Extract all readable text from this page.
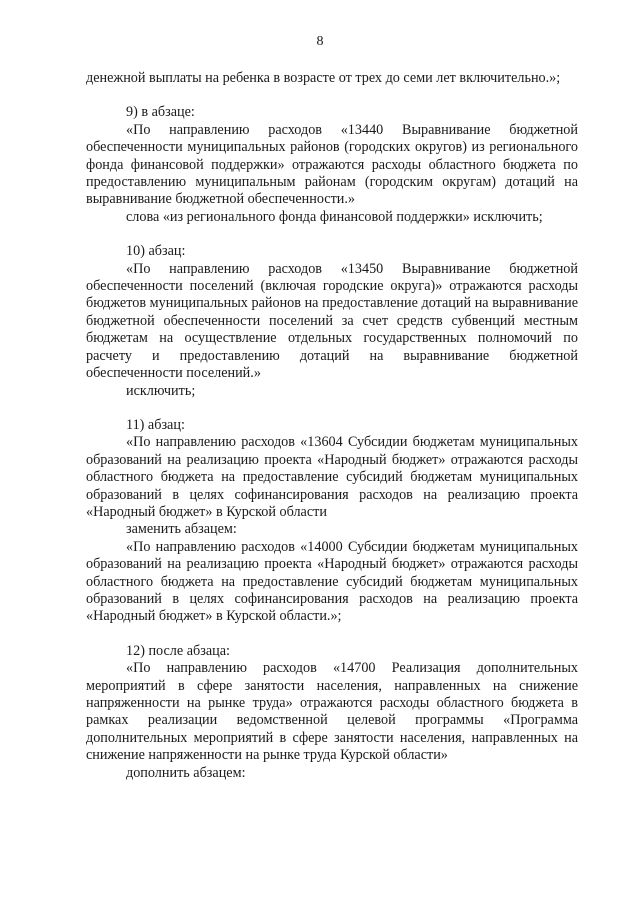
8

денежной выплаты на ребенка в возрасте от трех до семи лет включительно.»;

9) в абзаце:

«По направлению расходов «13440 Выравнивание бюджетной обеспеченности муниципальных районов (городских округов) из регионального фонда финансовой поддержки» отражаются расходы областного бюджета по предоставлению муниципальным районам (городским округам) дотаций на выравнивание бюджетной обеспеченности.»

слова «из регионального фонда финансовой поддержки» исключить;

10) абзац:

«По направлению расходов «13450 Выравнивание бюджетной обеспеченности поселений (включая городские округа)» отражаются расходы бюджетов муниципальных районов на предоставление дотаций на выравнивание бюджетной обеспеченности поселений за счет средств субвенций местным бюджетам на осуществление отдельных государственных полномочий по расчету и предоставлению дотаций на выравнивание бюджетной обеспеченности поселений.»

исключить;

11) абзац:

«По направлению расходов «13604 Субсидии бюджетам муниципальных образований на реализацию проекта «Народный бюджет» отражаются расходы областного бюджета на предоставление субсидий бюджетам муниципальных образований в целях софинансирования расходов на реализацию проекта «Народный бюджет» в Курской области

заменить абзацем:

«По направлению расходов «14000 Субсидии бюджетам муниципальных образований на реализацию проекта «Народный бюджет» отражаются расходы областного бюджета на предоставление субсидий бюджетам муниципальных образований в целях софинансирования расходов на реализацию проекта «Народный бюджет» в Курской области.»;

12) после абзаца:

«По направлению расходов «14700 Реализация дополнительных мероприятий в сфере занятости населения, направленных на снижение напряженности на рынке труда» отражаются расходы областного бюджета в рамках реализации ведомственной целевой программы «Программа дополнительных мероприятий в сфере занятости населения, направленных на снижение напряженности на рынке труда Курской области»

дополнить абзацем:
